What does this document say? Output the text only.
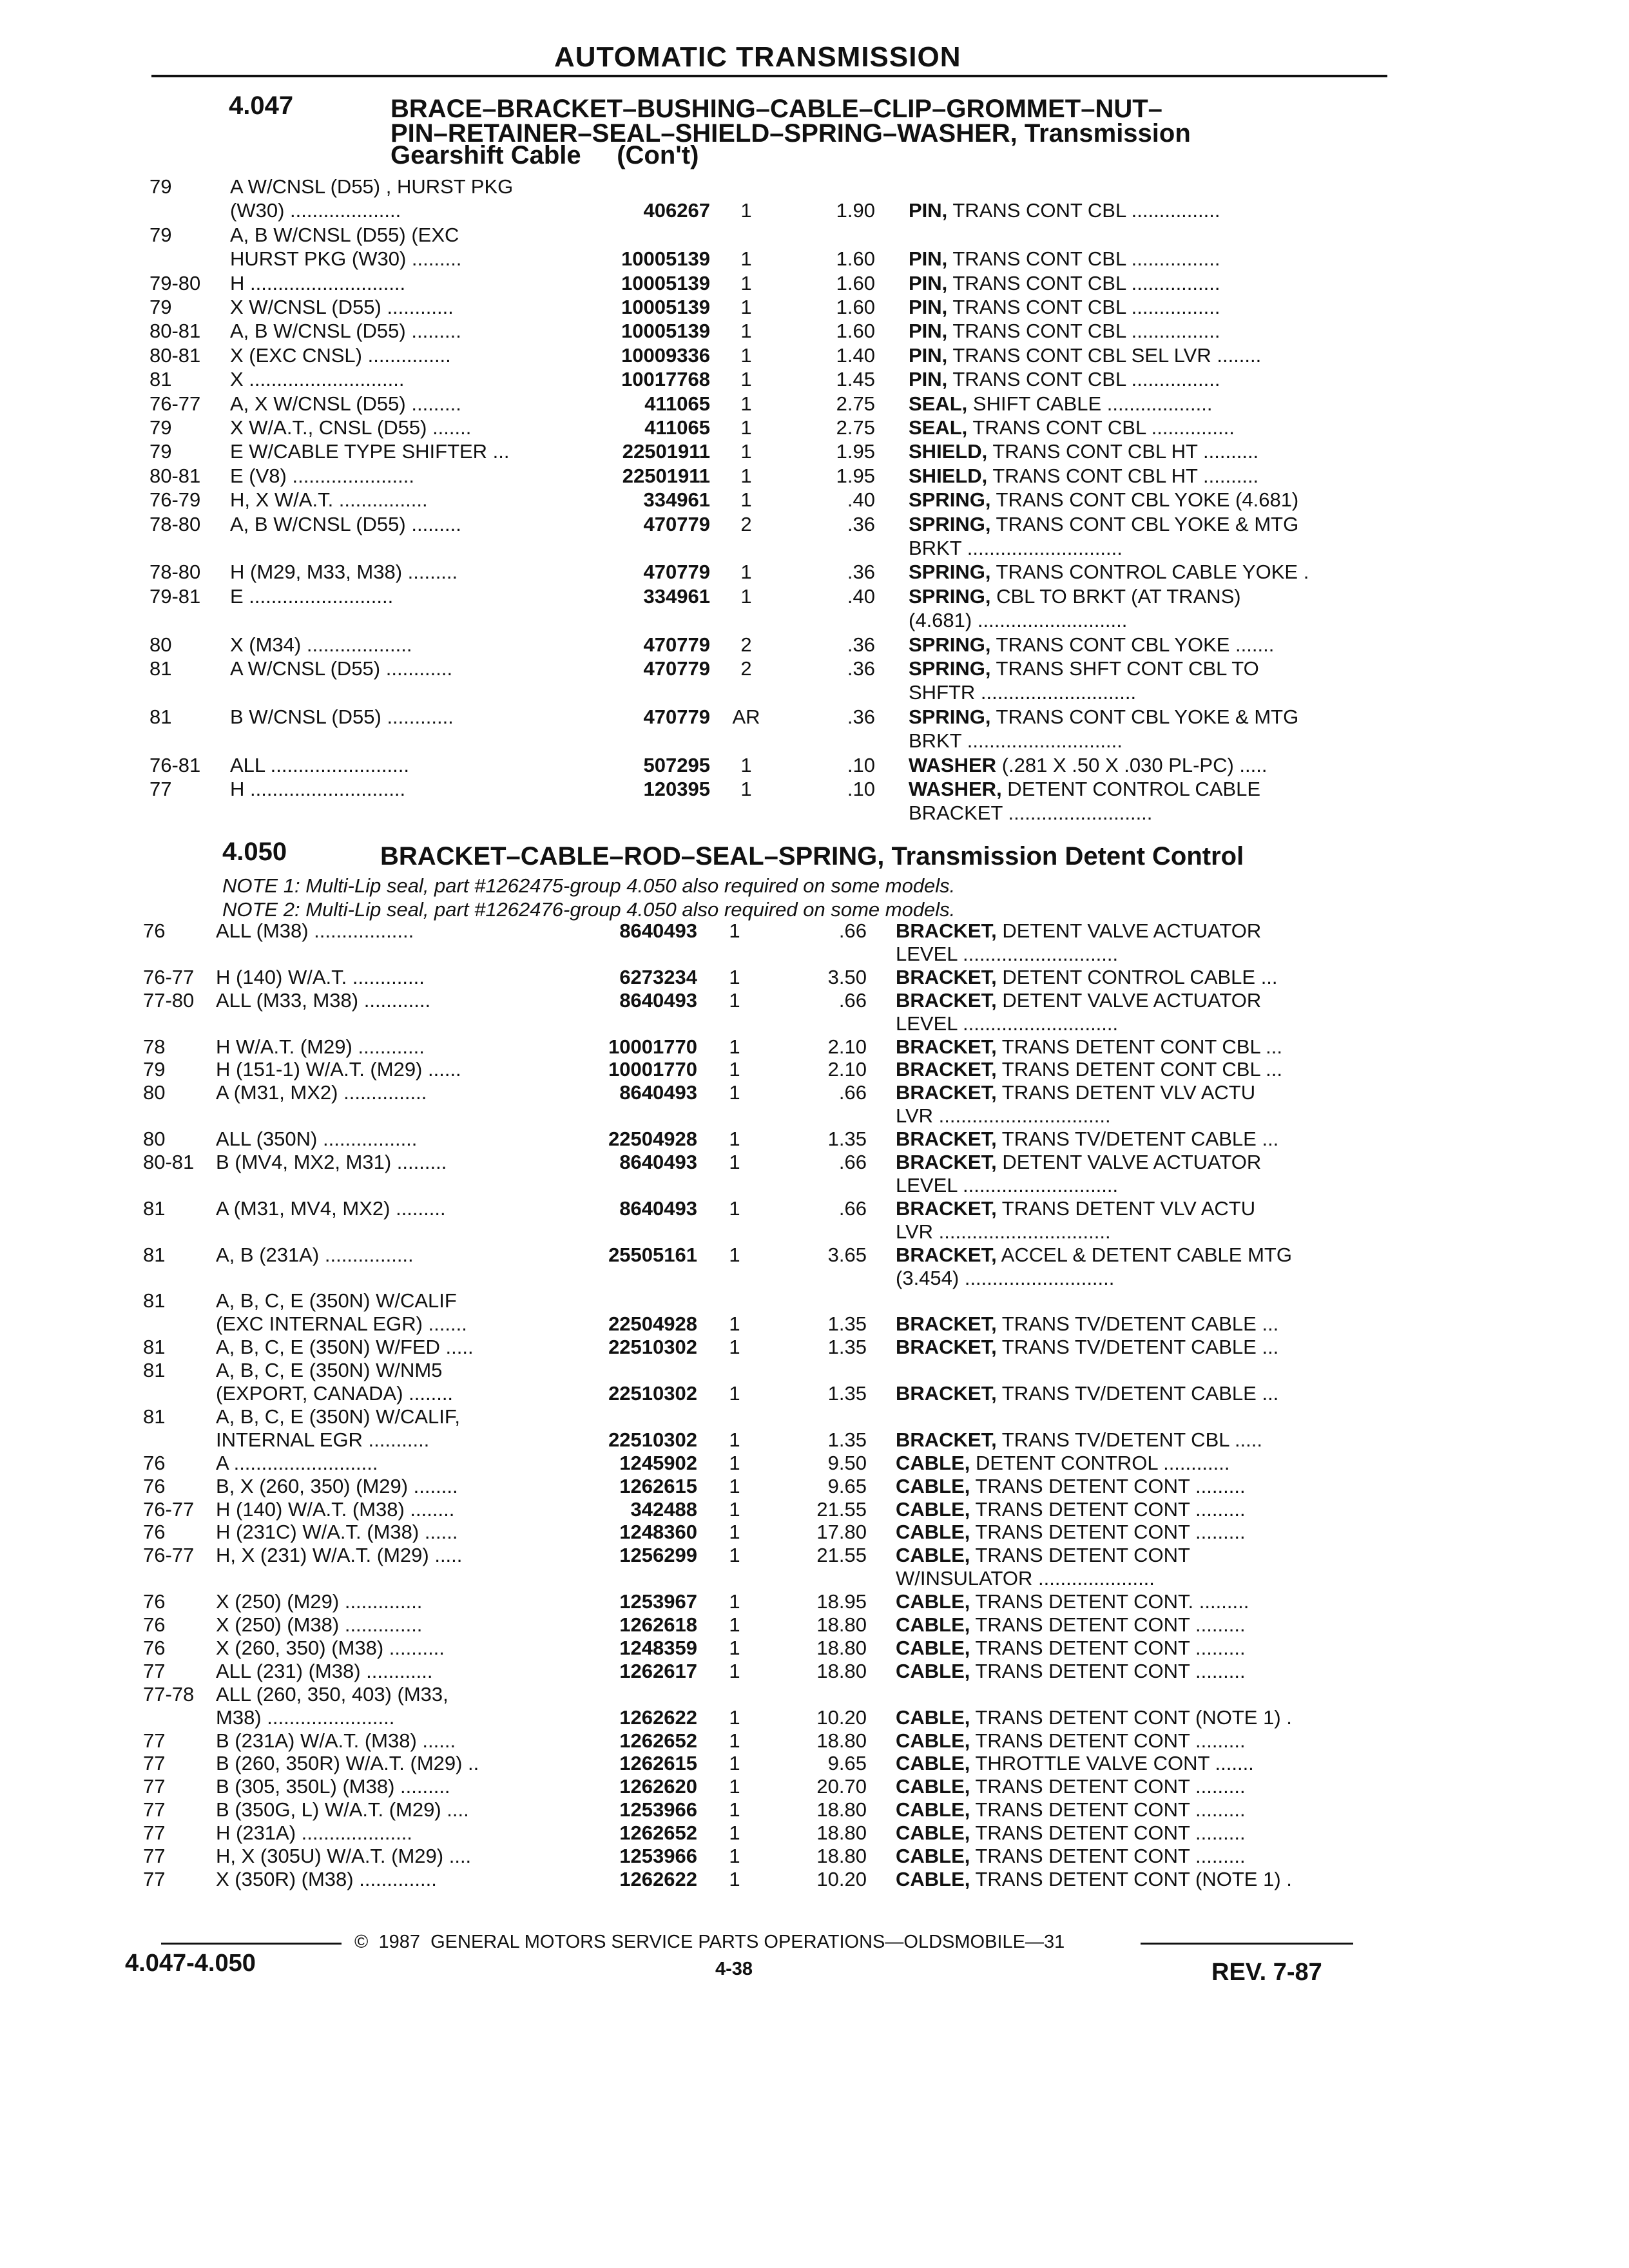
AUTOMATIC TRANSMISSION
4.047	BRACE–BRACKET–BUSHING–CABLE–CLIP–GROMMET–NUT–
PIN–RETAINER–SEAL–SHIELD–SPRING–WASHER, Transmission
Gearshift Cable     (Con't)
79	A W/CNSL (D55) , HURST PKG
(W30) ....................	406267	1	1.90 PIN, TRANS CONT CBL ................
79	A, B W/CNSL (D55) (EXC
HURST PKG (W30) .........	10005139	1	1.60 PIN, TRANS CONT CBL ................
79-80	H ............................	10005139	1	1.60 PIN, TRANS CONT CBL ................
79	X W/CNSL (D55) ............	10005139	1	1.60 PIN, TRANS CONT CBL ................
80-81	A, B W/CNSL (D55) .........	10005139	1	1.60 PIN, TRANS CONT CBL ................
80-81	X (EXC CNSL) ...............	10009336	1	1.40 PIN, TRANS CONT CBL SEL LVR ........
81	X ............................	10017768	1	1.45 PIN, TRANS CONT CBL ................
76-77	A, X W/CNSL (D55) .........	411065	1	2.75 SEAL, SHIFT CABLE ...................
79	X W/A.T., CNSL (D55) .......	411065	1	2.75 SEAL, TRANS CONT CBL ...............
79	E W/CABLE TYPE SHIFTER ...	22501911	1	1.95 SHIELD, TRANS CONT CBL HT ..........
80-81	E (V8) ......................	22501911	1	1.95 SHIELD, TRANS CONT CBL HT ..........
76-79	H, X W/A.T. ................	334961	1	.40 SPRING, TRANS CONT CBL YOKE (4.681)
78-80	A, B W/CNSL (D55) .........	470779	2	.36 SPRING, TRANS CONT CBL YOKE & MTG
BRKT ............................
78-80	H (M29, M33, M38) .........	470779	1	.36 SPRING, TRANS CONTROL CABLE YOKE .
79-81	E ..........................	334961	1	.40 SPRING, CBL TO BRKT (AT TRANS)
(4.681) ...........................
80	X (M34) ...................	470779	2	.36 SPRING, TRANS CONT CBL YOKE .......
81	A W/CNSL (D55) ............	470779	2	.36 SPRING, TRANS SHFT CONT CBL TO
SHFTR ............................
81	B W/CNSL (D55) ............	470779 AR	.36 SPRING, TRANS CONT CBL YOKE & MTG
BRKT ............................
76-81	ALL .........................	507295	1	.10 WASHER (.281 X .50 X .030 PL-PC) .....
77	H ............................	120395	1	.10 WASHER, DETENT CONTROL CABLE
BRACKET ..........................
4.050	BRACKET–CABLE–ROD–SEAL–SPRING, Transmission Detent Control
NOTE 1: Multi-Lip seal, part #1262475-group 4.050 also required on some models.
NOTE 2: Multi-Lip seal, part #1262476-group 4.050 also required on some models.
76	ALL (M38) ..................	8640493	1	.66 BRACKET, DETENT VALVE ACTUATOR
LEVEL ............................
76-77	H (140) W/A.T. .............	6273234	1	3.50 BRACKET, DETENT CONTROL CABLE ...
77-80	ALL (M33, M38) ............	8640493	1	.66 BRACKET, DETENT VALVE ACTUATOR
LEVEL ............................
78	H W/A.T. (M29) ............	10001770	1	2.10 BRACKET, TRANS DETENT CONT CBL ...
79	H (151-1) W/A.T. (M29) ......	10001770	1	2.10 BRACKET, TRANS DETENT CONT CBL ...
80	A (M31, MX2) ...............	8640493	1	.66 BRACKET, TRANS DETENT VLV ACTU
LVR ...............................
80	ALL (350N) .................	22504928	1	1.35 BRACKET, TRANS TV/DETENT CABLE ...
80-81	B (MV4, MX2, M31) .........	8640493	1	.66 BRACKET, DETENT VALVE ACTUATOR
LEVEL ............................
81	A (M31, MV4, MX2) .........	8640493	1	.66 BRACKET, TRANS DETENT VLV ACTU
LVR ...............................
81	A, B (231A) ................	25505161	1	3.65 BRACKET, ACCEL & DETENT CABLE MTG
(3.454) ...........................
81	A, B, C, E (350N) W/CALIF
(EXC INTERNAL EGR) .......	22504928	1	1.35 BRACKET, TRANS TV/DETENT CABLE ...
81	A, B, C, E (350N) W/FED .....	22510302	1	1.35 BRACKET, TRANS TV/DETENT CABLE ...
81	A, B, C, E (350N) W/NM5
(EXPORT, CANADA) ........	22510302	1	1.35 BRACKET, TRANS TV/DETENT CABLE ...
81	A, B, C, E (350N) W/CALIF,
INTERNAL EGR ...........	22510302	1	1.35 BRACKET, TRANS TV/DETENT CBL .....
76	A ..........................	1245902	1	9.50 CABLE, DETENT CONTROL ............
76	B, X (260, 350) (M29) ........	1262615	1	9.65 CABLE, TRANS DETENT CONT .........
76-77	H (140) W/A.T. (M38) ........	342488	1	21.55 CABLE, TRANS DETENT CONT .........
76	H (231C) W/A.T. (M38) ......	1248360	1	17.80 CABLE, TRANS DETENT CONT .........
76-77	H, X (231) W/A.T. (M29) .....	1256299	1	21.55 CABLE, TRANS DETENT CONT
W/INSULATOR .....................
76	X (250) (M29) ..............	1253967	1	18.95 CABLE, TRANS DETENT CONT. .........
76	X (250) (M38) ..............	1262618	1	18.80 CABLE, TRANS DETENT CONT .........
76	X (260, 350) (M38) ..........	1248359	1	18.80 CABLE, TRANS DETENT CONT .........
77	ALL (231) (M38) ............	1262617	1	18.80 CABLE, TRANS DETENT CONT .........
77-78	ALL (260, 350, 403) (M33,
M38) .......................	1262622	1	10.20 CABLE, TRANS DETENT CONT (NOTE 1) .
77	B (231A) W/A.T. (M38) ......	1262652	1	18.80 CABLE, TRANS DETENT CONT .........
77	B (260, 350R) W/A.T. (M29) ..	1262615	1	9.65 CABLE, THROTTLE VALVE CONT .......
77	B (305, 350L) (M38) .........	1262620	1	20.70 CABLE, TRANS DETENT CONT .........
77	B (350G, L) W/A.T. (M29) ....	1253966	1	18.80 CABLE, TRANS DETENT CONT .........
77	H (231A) ....................	1262652	1	18.80 CABLE, TRANS DETENT CONT .........
77	H, X (305U) W/A.T. (M29) ....	1253966	1	18.80 CABLE, TRANS DETENT CONT .........
77	X (350R) (M38) ..............	1262622	1	10.20 CABLE, TRANS DETENT CONT (NOTE 1) .
©  1987  GENERAL MOTORS SERVICE PARTS OPERATIONS—OLDSMOBILE—31
4.047-4.050	4-38	REV. 7-87
